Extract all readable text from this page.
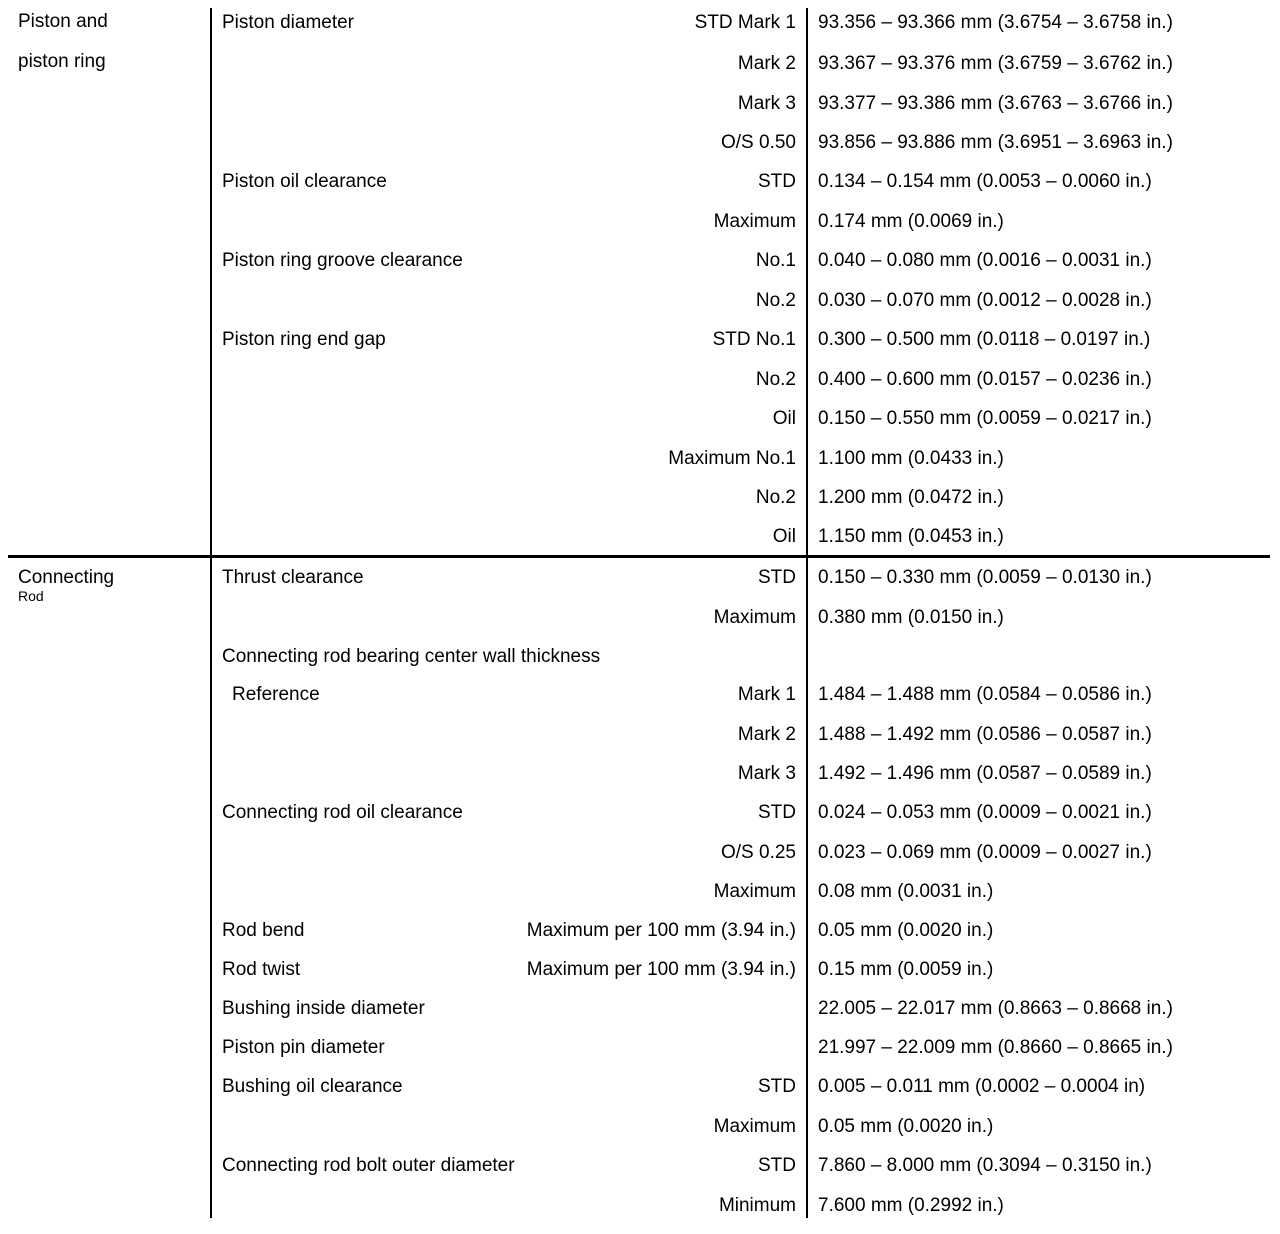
Piston and
piston ring
Connecting
Rod
Piston diameter	STD Mark 1 93.356 – 93.366 mm (3.6754 – 3.6758 in.)
Mark 2 93.367 – 93.376 mm (3.6759 – 3.6762 in.)
Mark 3 93.377 – 93.386 mm (3.6763 – 3.6766 in.)
O/S 0.50 93.856 – 93.886 mm (3.6951 – 3.6963 in.)
Piston oil clearance	STD 0.134 – 0.154 mm (0.0053 – 0.0060 in.)
Maximum 0.174 mm (0.0069 in.)
Piston ring groove clearance	No.1 0.040 – 0.080 mm (0.0016 – 0.0031 in.)
No.2 0.030 – 0.070 mm (0.0012 – 0.0028 in.)
Piston ring end gap	STD No.1 0.300 – 0.500 mm (0.0118 – 0.0197 in.)
No.2 0.400 – 0.600 mm (0.0157 – 0.0236 in.)
Oil 0.150 – 0.550 mm (0.0059 – 0.0217 in.)
Maximum No.1 1.100 mm (0.0433 in.)
No.2 1.200 mm (0.0472 in.)
Oil 1.150 mm (0.0453 in.)
Thrust clearance	STD 0.150 – 0.330 mm (0.0059 – 0.0130 in.)
Maximum 0.380 mm (0.0150 in.)
Connecting rod bearing center wall thickness
Reference	Mark 1 1.484 – 1.488 mm (0.0584 – 0.0586 in.)
Mark 2 1.488 – 1.492 mm (0.0586 – 0.0587 in.)
Mark 3 1.492 – 1.496 mm (0.0587 – 0.0589 in.)
Connecting rod oil clearance	STD 0.024 – 0.053 mm (0.0009 – 0.0021 in.)
O/S 0.25 0.023 – 0.069 mm (0.0009 – 0.0027 in.)
Maximum 0.08 mm (0.0031 in.)
Rod bend	Maximum per 100 mm (3.94 in.) 0.05 mm (0.0020 in.)
Rod twist	Maximum per 100 mm (3.94 in.) 0.15 mm (0.0059 in.)
Bushing inside diameter	22.005 – 22.017 mm (0.8663 – 0.8668 in.)
Piston pin diameter	21.997 – 22.009 mm (0.8660 – 0.8665 in.)
Bushing oil clearance	STD 0.005 – 0.011 mm (0.0002 – 0.0004 in)
Maximum 0.05 mm (0.0020 in.)
Connecting rod bolt outer diameter	STD 7.860 – 8.000 mm (0.3094 – 0.3150 in.)
Minimum 7.600 mm (0.2992 in.)
